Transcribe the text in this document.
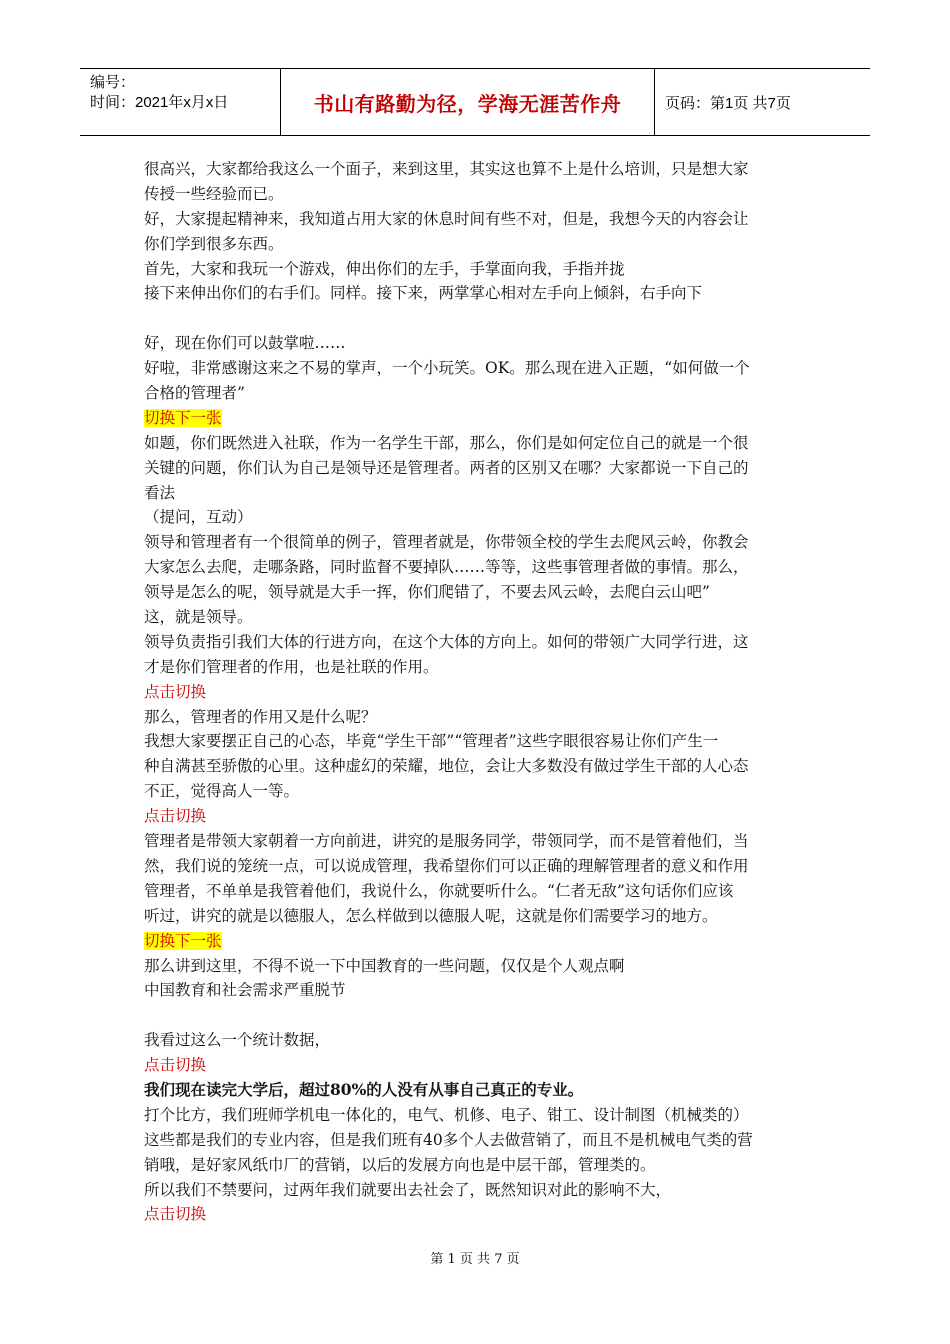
编号：
时间：2021年x月x日	书山有路勤为径，学海无涯苦作舟	页码：第1页 共7页
很高兴，大家都给我这么一个面子，来到这里，其实这也算不上是什么培训，只是想大家
传授一些经验而已。
好，大家提起精神来，我知道占用大家的休息时间有些不对，但是，我想今天的内容会让
你们学到很多东西。
首先，大家和我玩一个游戏，伸出你们的左手，手掌面向我，手指并拢
接下来伸出你们的右手们。同样。接下来，两掌掌心相对左手向上倾斜，右手向下
好，现在你们可以鼓掌啦……
好啦，非常感谢这来之不易的掌声，一个小玩笑。OK。那么现在进入正题，“如何做一个
合格的管理者”
切换下一张
如题，你们既然进入社联，作为一名学生干部，那么，你们是如何定位自己的就是一个很
关键的问题，你们认为自己是领导还是管理者。两者的区别又在哪？大家都说一下自己的
看法
（提问，互动）
领导和管理者有一个很简单的例子，管理者就是，你带领全校的学生去爬风云岭，你教会
大家怎么去爬，走哪条路，同时监督不要掉队……等等，这些事管理者做的事情。那么，
领导是怎么的呢，领导就是大手一挥，你们爬错了，不要去风云岭，去爬白云山吧”
这，就是领导。
领导负责指引我们大体的行进方向，在这个大体的方向上。如何的带领广大同学行进，这
才是你们管理者的作用，也是社联的作用。
点击切换
那么，管理者的作用又是什么呢？
我想大家要摆正自己的心态，毕竟“学生干部”“管理者”这些字眼很容易让你们产生一
种自满甚至骄傲的心里。这种虚幻的荣耀，地位，会让大多数没有做过学生干部的人心态
不正，觉得高人一等。
点击切换
管理者是带领大家朝着一方向前进，讲究的是服务同学，带领同学，而不是管着他们，当
然，我们说的笼统一点，可以说成管理，我希望你们可以正确的理解管理者的意义和作用
管理者，不单单是我管着他们，我说什么，你就要听什么。“仁者无敌”这句话你们应该
听过，讲究的就是以德服人，怎么样做到以德服人呢，这就是你们需要学习的地方。
切换下一张
那么讲到这里，不得不说一下中国教育的一些问题，仅仅是个人观点啊
中国教育和社会需求严重脱节
我看过这么一个统计数据，
点击切换
我们现在读完大学后，超过80%的人没有从事自己真正的专业。
打个比方，我们班师学机电一体化的，电气、机修、电子、钳工、设计制图（机械类的）
这些都是我们的专业内容，但是我们班有40多个人去做营销了，而且不是机械电气类的营
销哦，是好家风纸巾厂的营销，以后的发展方向也是中层干部，管理类的。
所以我们不禁要问，过两年我们就要出去社会了，既然知识对此的影响不大，
点击切换
第 1 页 共 7 页
